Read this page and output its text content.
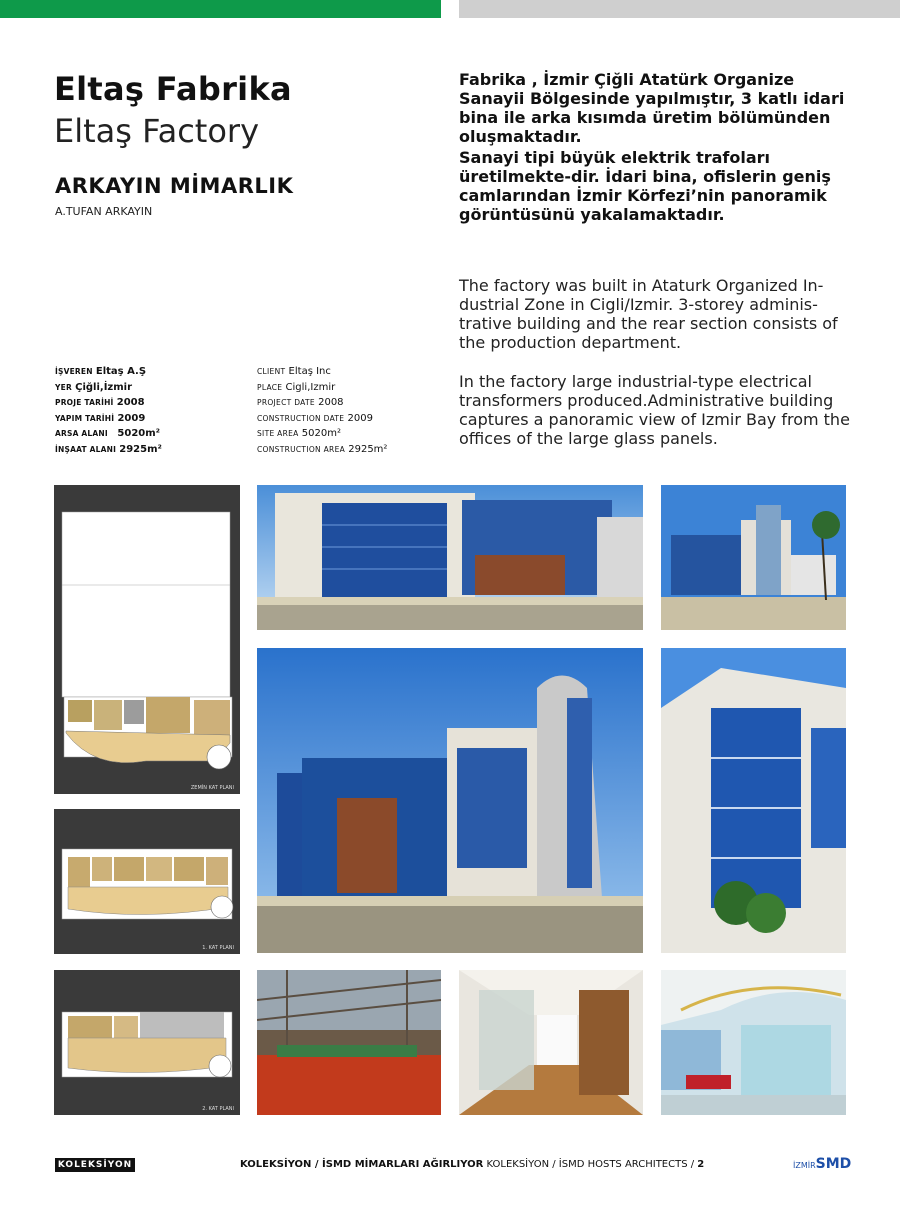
Eltaş Fabrika
Eltaş Factory
ARKAYIN MİMARLIK
A.TUFAN ARKAYIN

Fabrika , İzmir Çiğli Atatürk Organize Sanayii Bölgesinde yapılmıştır, 3 katlı idari bina ile arka kısımda üretim bölümünden oluşmaktadır.

Sanayi tipi büyük elektrik trafoları üretilmekte-dir. İdari bina, ofislerin geniş camlarından İzmir Körfezi’nin panoramik görüntüsünü yakalamaktadır.

The factory was built in Ataturk Organized In-dustrial Zone in Cigli/Izmir. 3-storey adminis-trative building and the rear section consists of the production department.

In the factory large industrial-type electrical transformers produced.Administrative building captures a panoramic view of Izmir Bay from the offices of the large glass panels.

İŞVEREN Eltaş A.Ş
YER Çiğli,İzmir
PROJE TARİHİ 2008
YAPIM TARİHİ 2009
ARSA ALANI 5020m²
İNŞAAT ALANI 2925m²
CLIENT Eltaş Inc
PLACE Cigli,Izmir
PROJECT DATE 2008
CONSTRUCTION DATE 2009
SITE AREA 5020m²
CONSTRUCTION AREA 2925m²
ZEMİN KAT PLANI
1. KAT PLANI
2. KAT PLANI
KOLEKSİYON	KOLEKSİYON / İSMD MİMARLARI AĞIRLIYOR KOLEKSİYON / İSMD HOSTS ARCHITECTS / 2	İZMİRSMD
